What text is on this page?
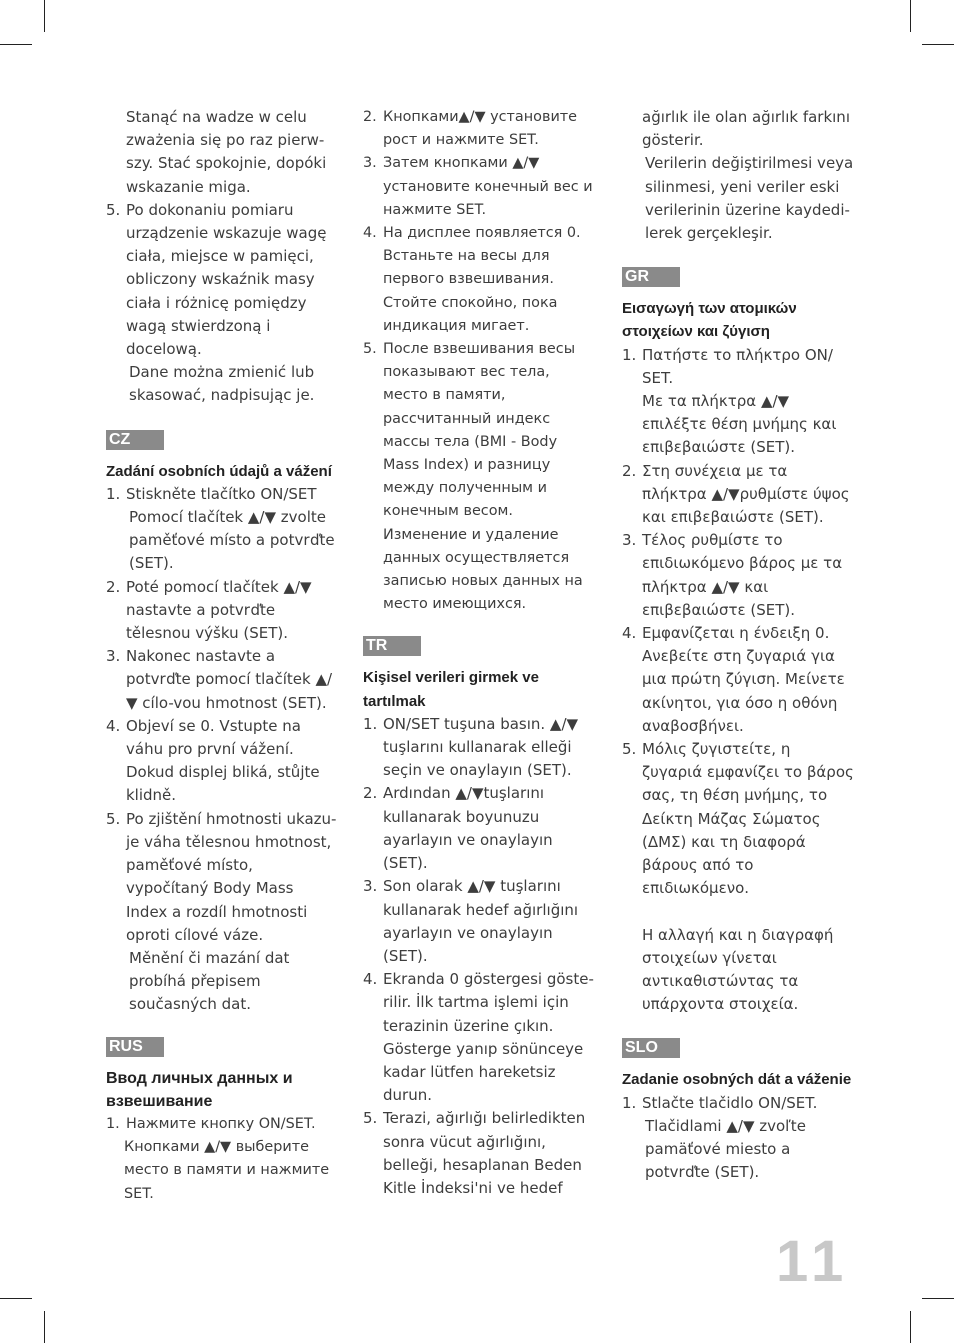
Stanąć na wadze w celu zważenia się po raz pierw-szy. Stać spokojnie, dopóki wskazanie miga.

5. Po dokonaniu pomiaru urządzenie wskazuje wagę ciała, miejsce w pamięci, obliczony wskaźnik masy ciała i różnicę pomiędzy wagą stwierdzoną i docelową.

Dane można zmienić lub skasować, nadpisując je.

CZ
Zadání osobních údajů a vážení
1. Stiskněte tlačítko ON/SET
Pomocí tlačítek ▲/▼ zvolte paměťové místo a potvrďte (SET).
2. Poté pomocí tlačítek ▲/▼ nastavte a potvrďte tělesnou výšku (SET).
3. Nakonec nastavte a potvrďte pomocí tlačítek ▲/▼ cílo-vou hmotnost (SET).
4. Objeví se 0. Vstupte na váhu pro první vážení. Dokud displej bliká, stůjte klidně.
5. Po zjištění hmotnosti ukazu-je váha tělesnou hmotnost, paměťové místo, vypočítaný Body Mass Index a rozdíl hmotnosti oproti cílové váze.
Měnění či mazání dat probíhá přepisem současných dat.
RUS
Ввод личных данных и взвешивание
1. Нажмите кнопку ON/SET.
Кнопками ▲/▼ выберите место в памяти и нажмите SET.
2. Кнопками▲/▼ установите рост и нажмите SET.
3. Затем кнопками ▲/▼ установите конечный вес и нажмите SET.
4. На дисплее появляется 0. Встаньте на весы для первого взвешивания. Стойте спокойно, пока индикация мигает.
5. После взвешивания весы показывают вес тела, место в памяти, рассчитанный индекс массы тела (BMI - Body Mass Index) и разницу между полученным и конечным весом.
Изменение и удаление данных осуществляется записью новых данных на место имеющихся.
TR
Kişisel verileri girmek ve tartılmak
1. ON/SET tuşuna basın. ▲/▼ tuşlarını kullanarak elleği seçin ve onaylayın (SET).
2. Ardından ▲/▼tuşlarını kullanarak boyunuzu ayarlayın ve onaylayın (SET).
3. Son olarak ▲/▼ tuşlarını kullanarak hedef ağırlığını ayarlayın ve onaylayın (SET).
4. Ekranda 0 göstergesi göste-rilir. İlk tartma işlemi için terazinin üzerine çıkın. Gösterge yanıp sönünceye kadar lütfen hareketsiz durun.
5. Terazi, ağırlığı belirledikten sonra vücut ağırlığını, belleği, hesaplanan Beden Kitle İndeksi'ni ve hedef

ağırlık ile olan ağırlık farkını gösterir.

Verilerin değiştirilmesi veya silinmesi, yeni veriler eski verilerinin üzerine kaydedi-lerek gerçekleşir.

GR
Εισαγωγή των ατομικών στοιχείων και ζύγιση
1. Πατήστε το πλήκτρο ON/ SET.
Με τα πλήκτρα ▲/▼ επιλέξτε θέση μνήμης και επιβεβαιώστε (SET).
2. Στη συνέχεια με τα πλήκτρα ▲/▼ρυθμίστε ύψος και επιβεβαιώστε (SET).
3. Τέλος ρυθμίστε το επιδιωκόμενο βάρος με τα πλήκτρα ▲/▼ και επιβεβαιώστε (SET).
4. Εμφανίζεται η ένδειξη 0. Ανεβείτε στη ζυγαριά για μια πρώτη ζύγιση. Μείνετε ακίνητοι, για όσο η οθόνη αναβοσβήνει.
5. Μόλις ζυγιστείτε, η ζυγαριά εμφανίζει το βάρος σας, τη θέση μνήμης, το Δείκτη Μάζας Σώματος (ΔΜΣ) και τη διαφορά βάρους από το επιδιωκόμενο.

Η αλλαγή και η διαγραφή στοιχείων γίνεται αντικαθιστώντας τα υπάρχοντα στοιχεία.

SLO
Zadanie osobných dát a váženie
1. Stlačte tlačidlo ON/SET.
Tlačidlami ▲/▼ zvoľte pamäťové miesto a potvrďte (SET).
11
